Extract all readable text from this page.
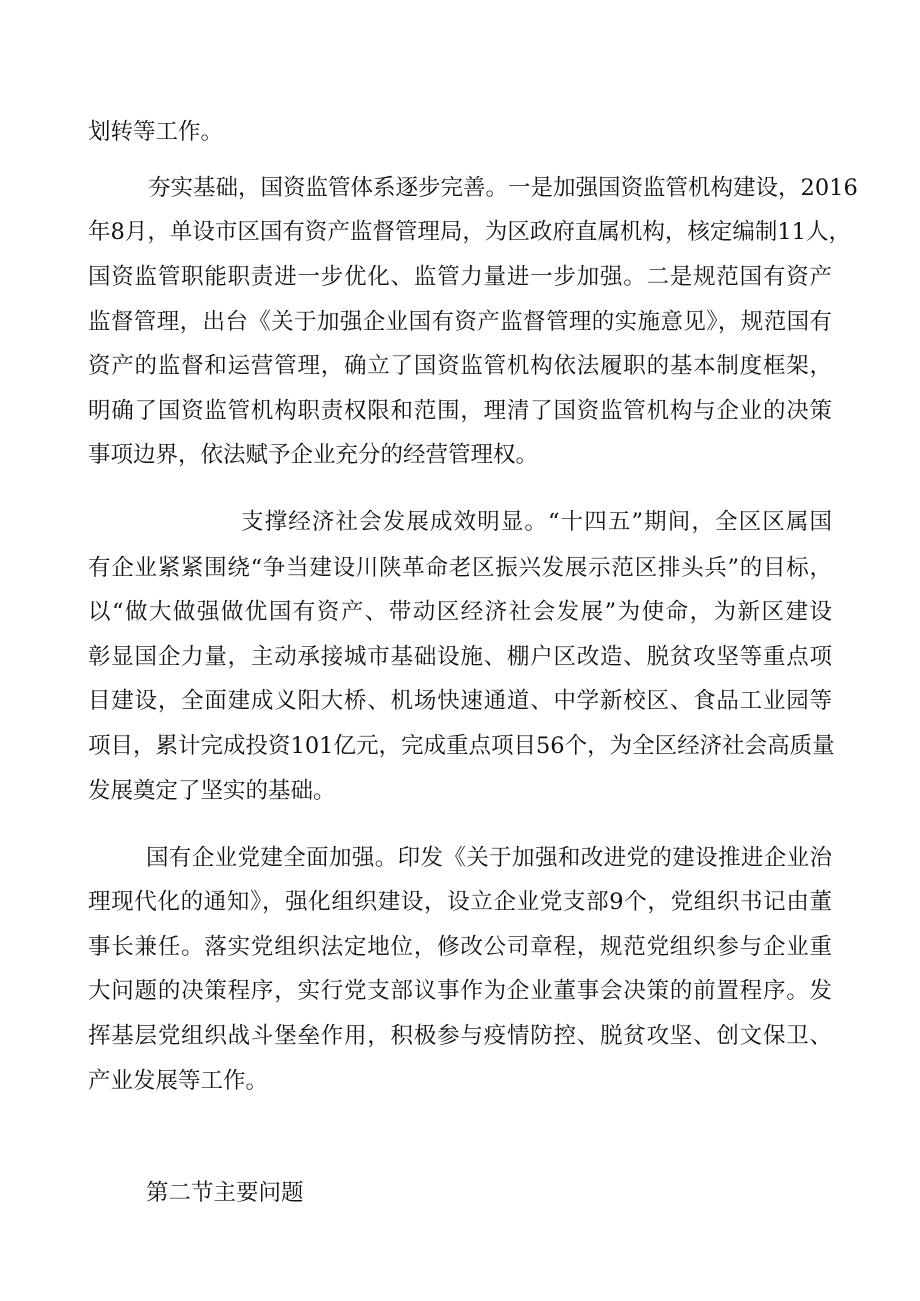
划转等工作。
夯实基础，国资监管体系逐步完善。一是加强国资监管机构建设，2016
年8月，单设市区国有资产监督管理局，为区政府直属机构，核定编制11人，
国资监管职能职责进一步优化、监管力量进一步加强。二是规范国有资产
监督管理，出台《关于加强企业国有资产监督管理的实施意见》，规范国有
资产的监督和运营管理，确立了国资监管机构依法履职的基本制度框架，
明确了国资监管机构职责权限和范围，理清了国资监管机构与企业的决策
事项边界，依法赋予企业充分的经营管理权。
支撑经济社会发展成效明显。“十四五”期间，全区区属国
有企业紧紧围绕“争当建设川陕革命老区振兴发展示范区排头兵”的目标，
以“做大做强做优国有资产、带动区经济社会发展”为使命，为新区建设
彰显国企力量，主动承接城市基础设施、棚户区改造、脱贫攻坚等重点项
目建设，全面建成义阳大桥、机场快速通道、中学新校区、食品工业园等
项目，累计完成投资101亿元，完成重点项目56个，为全区经济社会高质量
发展奠定了坚实的基础。
国有企业党建全面加强。印发《关于加强和改进党的建设推进企业治
理现代化的通知》，强化组织建设，设立企业党支部9个，党组织书记由董
事长兼任。落实党组织法定地位，修改公司章程，规范党组织参与企业重
大问题的决策程序，实行党支部议事作为企业董事会决策的前置程序。发
挥基层党组织战斗堡垒作用，积极参与疫情防控、脱贫攻坚、创文保卫、
产业发展等工作。
第二节主要问题
